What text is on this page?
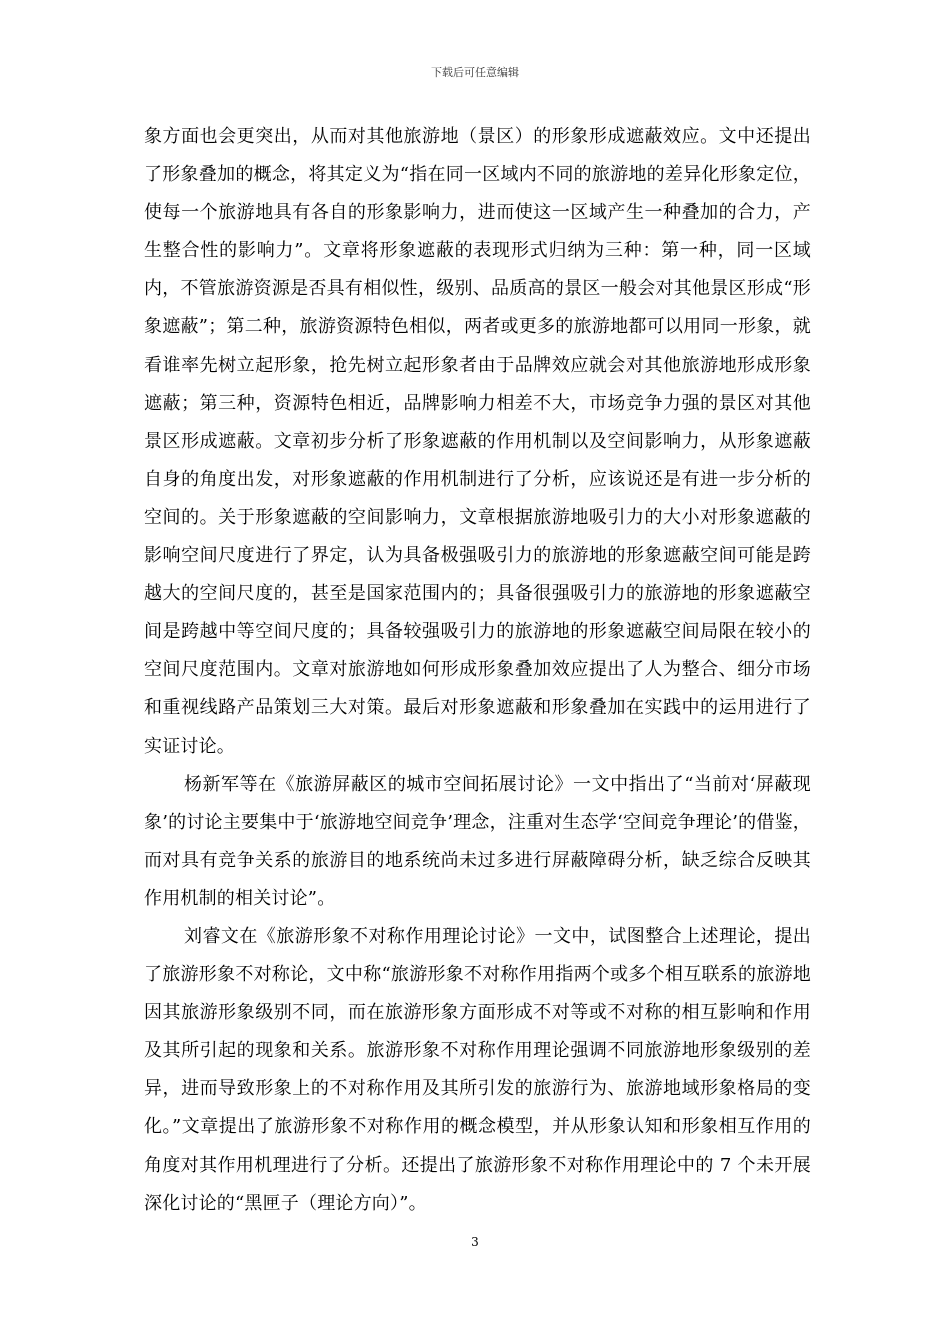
下载后可任意编辑

象方面也会更突出，从而对其他旅游地（景区）的形象形成遮蔽效应。文中还提出了形象叠加的概念，将其定义为“指在同一区域内不同的旅游地的差异化形象定位，使每一个旅游地具有各自的形象影响力，进而使这一区域产生一种叠加的合力，产生整合性的影响力”。文章将形象遮蔽的表现形式归纳为三种：第一种，同一区域内，不管旅游资源是否具有相似性，级别、品质高的景区一般会对其他景区形成“形象遮蔽”；第二种，旅游资源特色相似，两者或更多的旅游地都可以用同一形象，就看谁率先树立起形象，抢先树立起形象者由于品牌效应就会对其他旅游地形成形象遮蔽；第三种，资源特色相近，品牌影响力相差不大，市场竞争力强的景区对其他景区形成遮蔽。文章初步分析了形象遮蔽的作用机制以及空间影响力，从形象遮蔽自身的角度出发，对形象遮蔽的作用机制进行了分析，应该说还是有进一步分析的空间的。关于形象遮蔽的空间影响力，文章根据旅游地吸引力的大小对形象遮蔽的影响空间尺度进行了界定，认为具备极强吸引力的旅游地的形象遮蔽空间可能是跨越大的空间尺度的，甚至是国家范围内的；具备很强吸引力的旅游地的形象遮蔽空间是跨越中等空间尺度的；具备较强吸引力的旅游地的形象遮蔽空间局限在较小的空间尺度范围内。文章对旅游地如何形成形象叠加效应提出了人为整合、细分市场和重视线路产品策划三大对策。最后对形象遮蔽和形象叠加在实践中的运用进行了实证讨论。

杨新军等在《旅游屏蔽区的城市空间拓展讨论》一文中指出了“当前对‘屏蔽现象’的讨论主要集中于‘旅游地空间竞争’理念，注重对生态学‘空间竞争理论’的借鉴，而对具有竞争关系的旅游目的地系统尚未过多进行屏蔽障碍分析，缺乏综合反映其作用机制的相关讨论”。

刘睿文在《旅游形象不对称作用理论讨论》一文中，试图整合上述理论，提出了旅游形象不对称论，文中称“旅游形象不对称作用指两个或多个相互联系的旅游地因其旅游形象级别不同，而在旅游形象方面形成不对等或不对称的相互影响和作用及其所引起的现象和关系。旅游形象不对称作用理论强调不同旅游地形象级别的差异，进而导致形象上的不对称作用及其所引发的旅游行为、旅游地域形象格局的变化。”文章提出了旅游形象不对称作用的概念模型，并从形象认知和形象相互作用的角度对其作用机理进行了分析。还提出了旅游形象不对称作用理论中的 7 个未开展深化讨论的“黑匣子（理论方向）”。

3
